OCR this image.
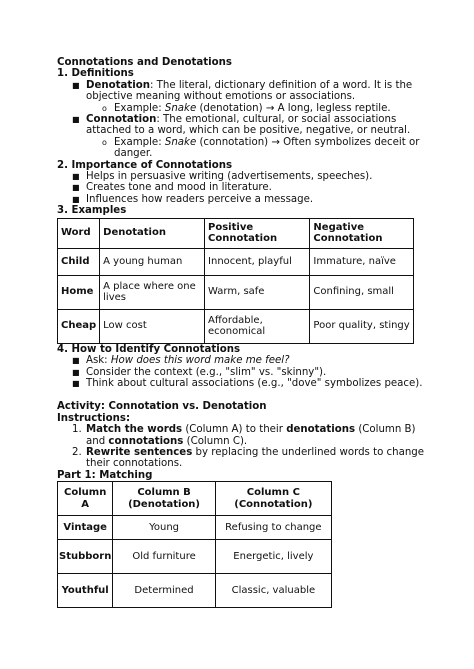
Connotations and Denotations
1. Definitions
■ Denotation: The literal, dictionary definition of a word. It is the
objective meaning without emotions or associations.
o Example: Snake (denotation) → A long, legless reptile.
■ Connotation: The emotional, cultural, or social associations
attached to a word, which can be positive, negative, or neutral.
o Example: Snake (connotation) → Often symbolizes deceit or
danger.
2. Importance of Connotations
■ Helps in persuasive writing (advertisements, speeches).
■ Creates tone and mood in literature.
■ Influences how readers perceive a message.
3. Examples
Word	Denotation	Positive Connotation	Negative Connotation
Child	A young human	Innocent, playful	Immature, naïve
Home	A place where one lives	Warm, safe	Confining, small
Cheap	Low cost	Affordable, economical	Poor quality, stingy
4. How to Identify Connotations
■ Ask: How does this word make me feel?
■ Consider the context (e.g., "slim" vs. "skinny").
■ Think about cultural associations (e.g., "dove" symbolizes peace).
Activity: Connotation vs. Denotation
Instructions:
1. Match the words (Column A) to their denotations (Column B)
and connotations (Column C).
2. Rewrite sentences by replacing the underlined words to change
their connotations.
Part 1: Matching
Column A	Column B (Denotation)	Column C (Connotation)
Vintage	Young	Refusing to change
Stubborn	Old furniture	Energetic, lively
Youthful	Determined	Classic, valuable
